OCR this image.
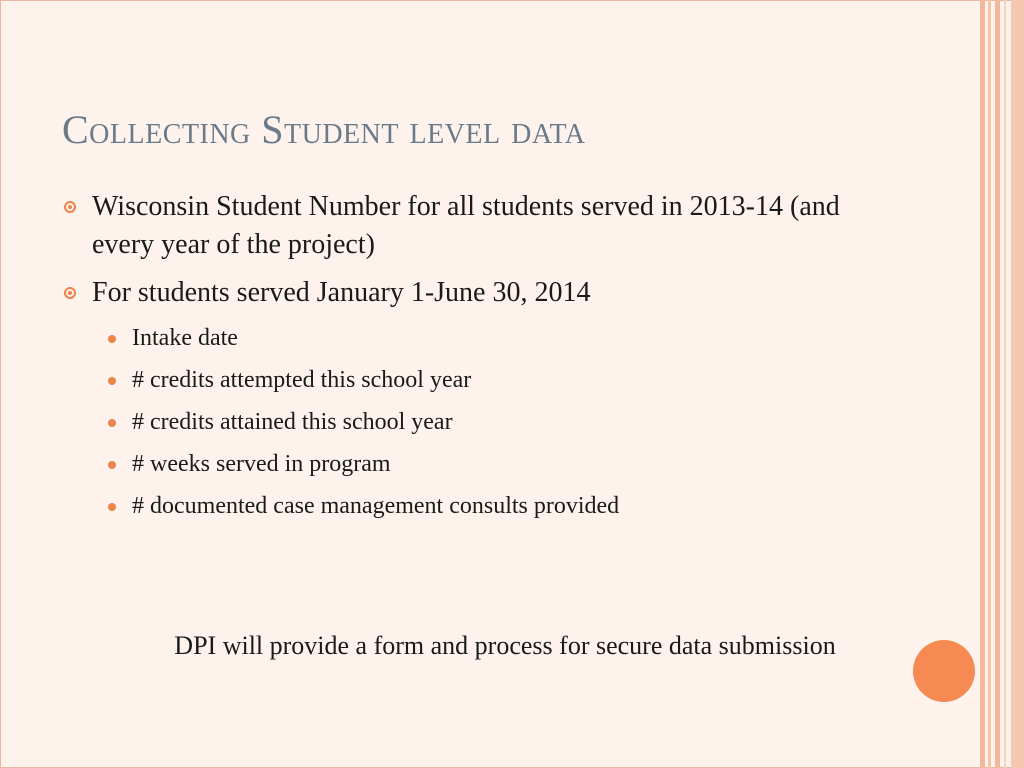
Collecting Student level data
Wisconsin Student Number for all students served in 2013-14 (and every year of the project)
For students served January 1-June 30, 2014
Intake date
# credits attempted this school year
# credits attained this school year
# weeks served in program
# documented case management consults provided
DPI will provide a form and process for secure data submission
